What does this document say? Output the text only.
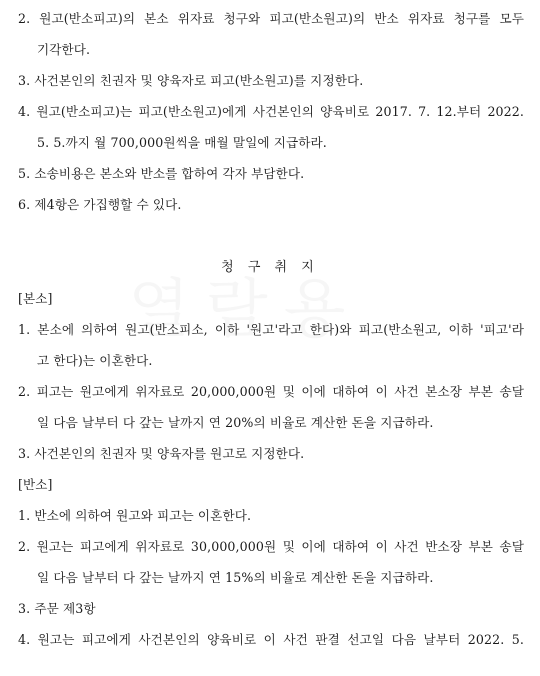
2. 원고(반소피고)의 본소 위자료 청구와 피고(반소원고)의 반소 위자료 청구를 모두
기각한다.
3. 사건본인의 친권자 및 양육자로 피고(반소원고)를 지정한다.
4. 원고(반소피고)는 피고(반소원고)에게 사건본인의 양육비로 2017. 7. 12.부터 2022.
5. 5.까지 월 700,000원씩을 매월 말일에 지급하라.
5. 소송비용은 본소와 반소를 합하여 각자 부담한다.
6. 제4항은 가집행할 수 있다.
청 구 취 지
[본소]
1. 본소에 의하여 원고(반소피소, 이하 '원고'라고 한다)와 피고(반소원고, 이하 '피고'라
고 한다)는 이혼한다.
2. 피고는 원고에게 위자료로 20,000,000원 및 이에 대하여 이 사건 본소장 부본 송달
일 다음 날부터 다 갚는 날까지 연 20%의 비율로 계산한 돈을 지급하라.
3. 사건본인의 친권자 및 양육자를 원고로 지정한다.
[반소]
1. 반소에 의하여 원고와 피고는 이혼한다.
2. 원고는 피고에게 위자료로 30,000,000원 및 이에 대하여 이 사건 반소장 부본 송달
일 다음 날부터 다 갚는 날까지 연 15%의 비율로 계산한 돈을 지급하라.
3. 주문 제3항
4. 원고는 피고에게 사건본인의 양육비로 이 사건 판결 선고일 다음 날부터 2022. 5.
